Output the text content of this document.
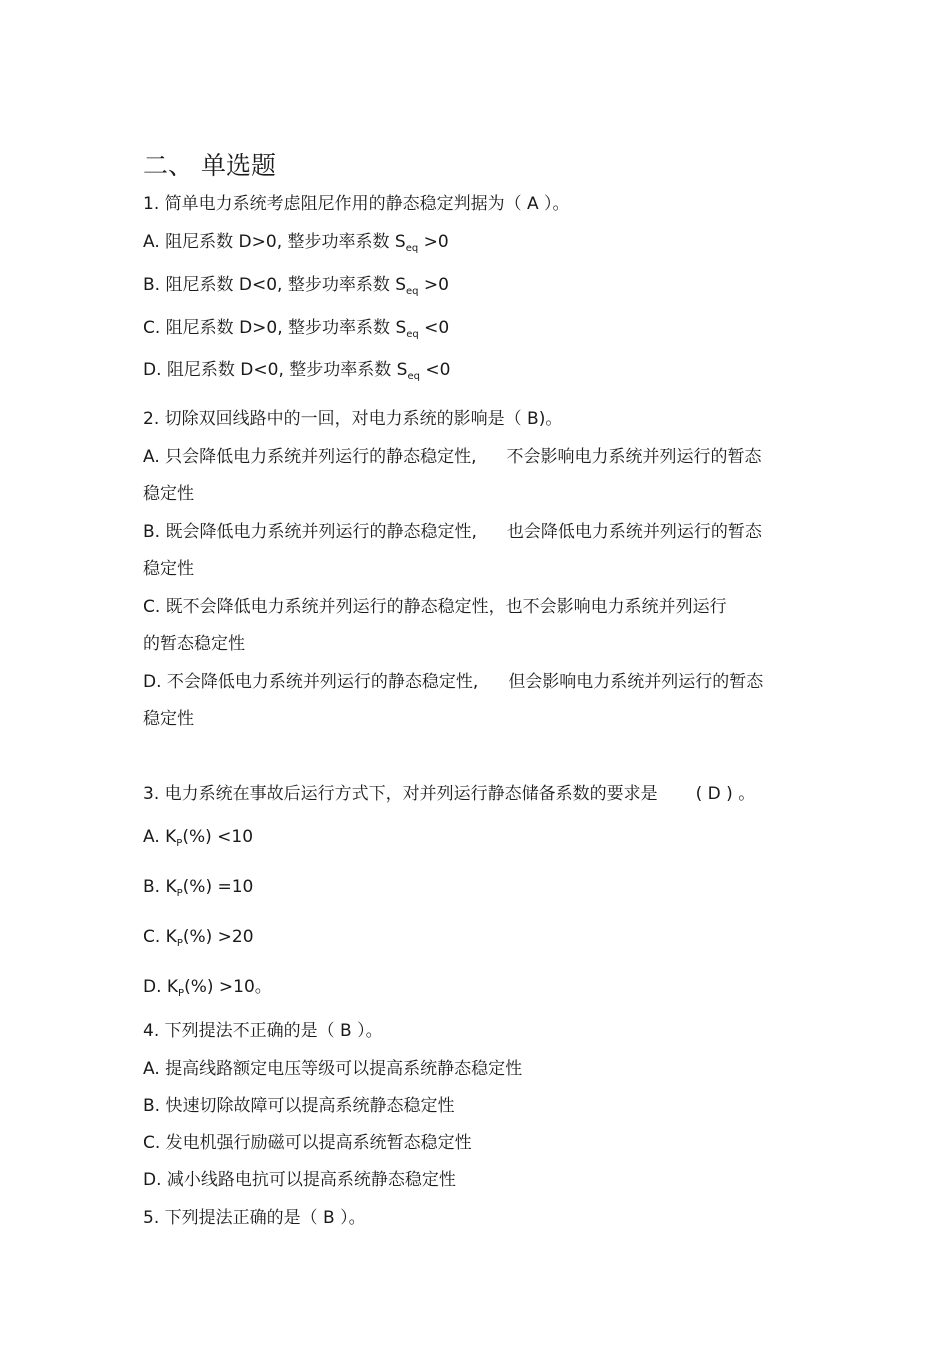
二、 单选题
1. 简单电力系统考虑阻尼作用的静态稳定判据为（ A ）。
A. 阻尼系数 D>0, 整步功率系数 $S_{eq} >0$
B. 阻尼系数 D<0, 整步功率系数 $S_{eq} >0$
C. 阻尼系数 D>0, 整步功率系数 $S_{eq} <0$
D. 阻尼系数 D<0, 整步功率系数 $S_{eq} <0$
2. 切除双回线路中的一回，对电力系统的影响是（ B)。
A. 只会降低电力系统并列运行的静态稳定性, 不会影响电力系统并列运行的暂态
稳定性
B. 既会降低电力系统并列运行的静态稳定性, 也会降低电力系统并列运行的暂态
稳定性
C. 既不会降低电力系统并列运行的静态稳定性，也不会影响电力系统并列运行
的暂态稳定性
D. 不会降低电力系统并列运行的静态稳定性, 但会影响电力系统并列运行的暂态
稳定性
3. 电力系统在事故后运行方式下，对并列运行静态储备系数的要求是 ( D ) 。
A. $K_P(\%) <10$
B. $K_P(\%) =10$
C. $K_P(\%) >20$
D. $K_P(\%) >10$。
4. 下列提法不正确的是（ B ）。
A. 提高线路额定电压等级可以提高系统静态稳定性
B. 快速切除故障可以提高系统静态稳定性
C. 发电机强行励磁可以提高系统暂态稳定性
D. 减小线路电抗可以提高系统静态稳定性
5. 下列提法正确的是（ B ）。
